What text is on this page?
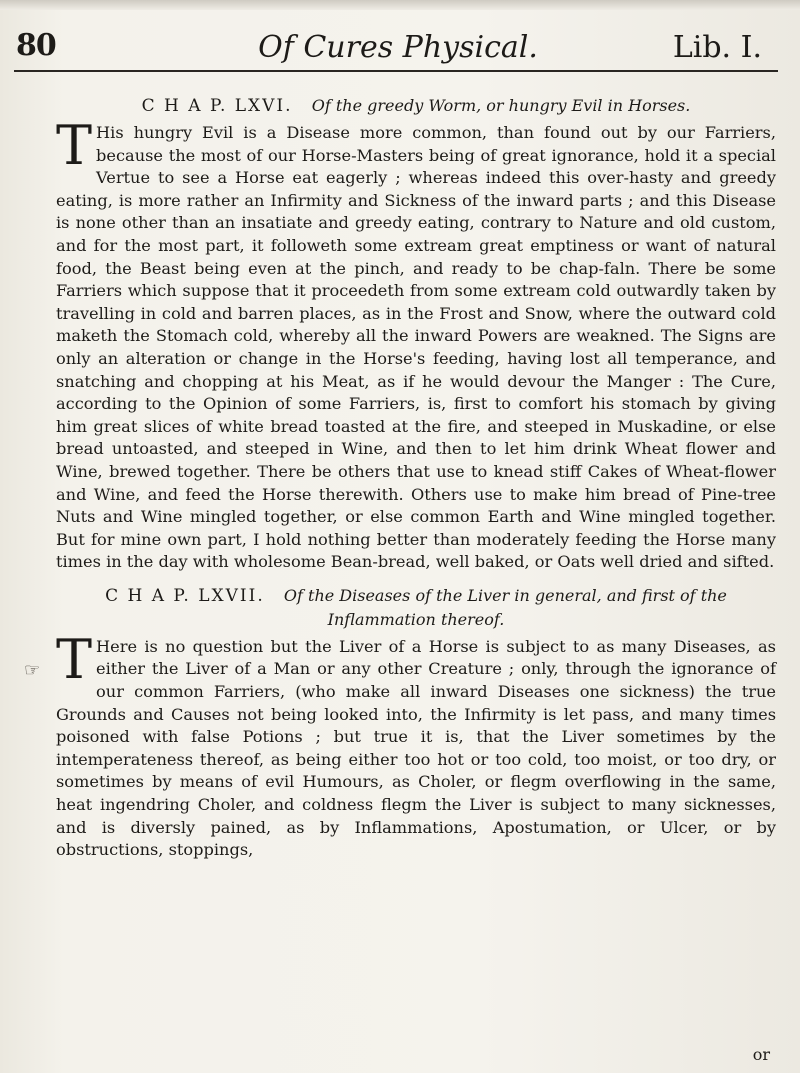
80	Of Cures Physical.	Lib. I.
☞
C H A P. LXVI. Of the greedy Worm, or hungry Evil in Horses.

THis hungry Evil is a Disease more common, than found out by our Farriers, because the most of our Horse-Masters being of great ignorance, hold it a special Vertue to see a Horse eat eagerly ; whereas indeed this over-hasty and greedy eating, is more rather an Infirmity and Sickness of the inward parts ; and this Disease is none other than an insatiate and greedy eating, contrary to Nature and old custom, and for the most part, it followeth some extream great emptiness or want of natural food, the Beast being even at the pinch, and ready to be chap-faln. There be some Farriers which suppose that it proceedeth from some extream cold outwardly taken by travelling in cold and barren places, as in the Frost and Snow, where the outward cold maketh the Stomach cold, whereby all the inward Powers are weakned. The Signs are only an alteration or change in the Horse's feeding, having lost all temperance, and snatching and chopping at his Meat, as if he would devour the Manger : The Cure, according to the Opinion of some Farriers, is, first to comfort his stomach by giving him great slices of white bread toasted at the fire, and steeped in Muskadine, or else bread untoasted, and steeped in Wine, and then to let him drink Wheat flower and Wine, brewed together. There be others that use to knead stiff Cakes of Wheat-flower and Wine, and feed the Horse therewith. Others use to make him bread of Pine-tree Nuts and Wine mingled together, or else common Earth and Wine mingled together. But for mine own part, I hold nothing better than moderately feeding the Horse many times in the day with wholesome Bean-bread, well baked, or Oats well dried and sifted.

C H A P. LXVII. Of the Diseases of the Liver in general, and first of the Inflammation thereof.

THere is no question but the Liver of a Horse is subject to as many Diseases, as either the Liver of a Man or any other Creature ; only, through the ignorance of our common Farriers, (who make all inward Diseases one sickness) the true Grounds and Causes not being looked into, the Infirmity is let pass, and many times poisoned with false Potions ; but true it is, that the Liver sometimes by the intemperateness thereof, as being either too hot or too cold, too moist, or too dry, or sometimes by means of evil Humours, as Choler, or flegm overflowing in the same, heat ingendring Choler, and coldness flegm the Liver is subject to many sicknesses, and is diversly pained, as by Inflammations, Apostumation, or Ulcer, or by obstructions, stoppings,

or
